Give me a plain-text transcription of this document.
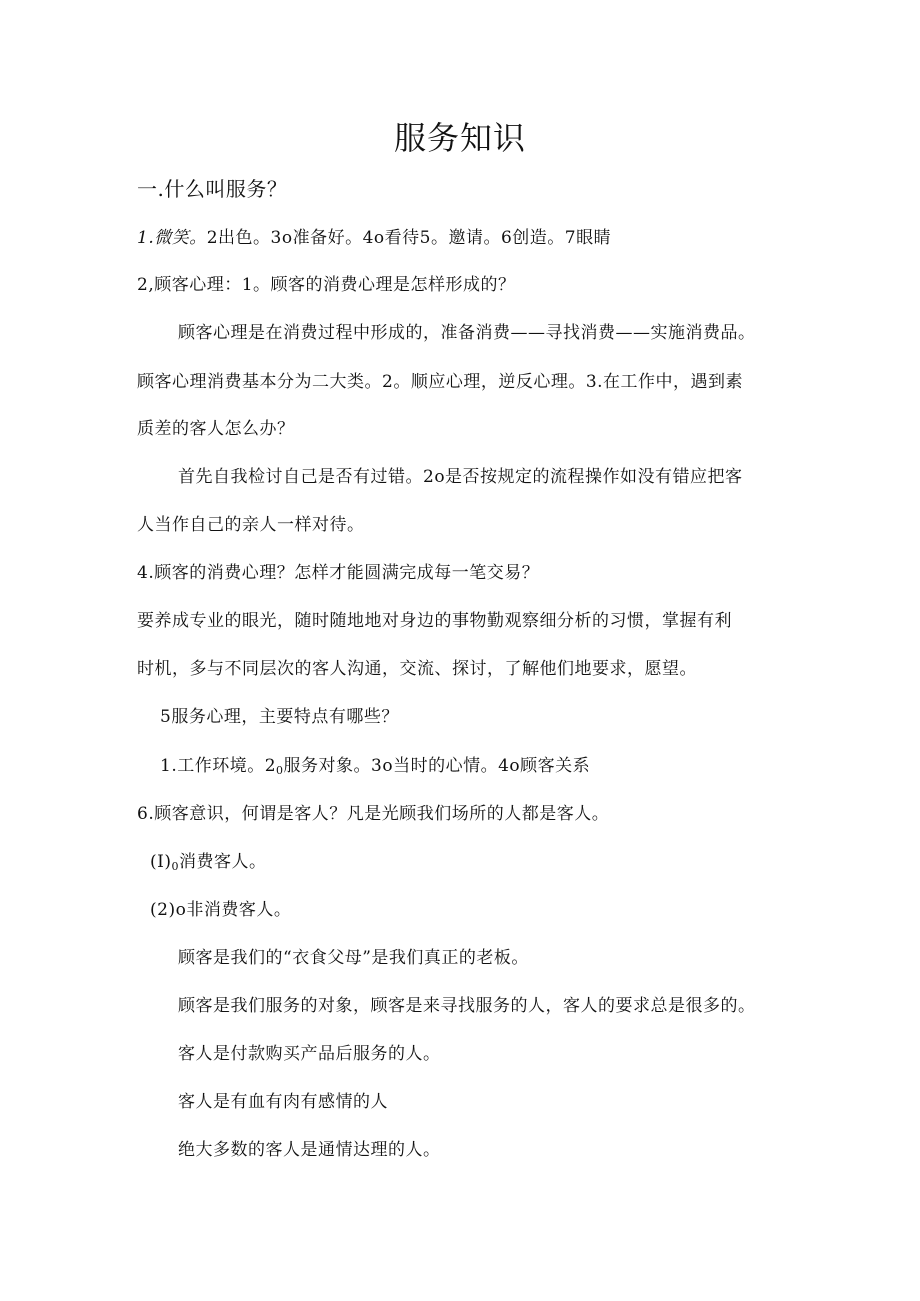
服务知识
一.什么叫服务？
1.微笑。2出色。3o准备好。4o看待5。邀请。6创造。7眼睛
2,顾客心理：1。顾客的消费心理是怎样形成的？
顾客心理是在消费过程中形成的，准备消费——寻找消费——实施消费品。
顾客心理消费基本分为二大类。2。顺应心理，逆反心理。3.在工作中，遇到素
质差的客人怎么办？
首先自我检讨自己是否有过错。2o是否按规定的流程操作如没有错应把客
人当作自己的亲人一样对待。
4.顾客的消费心理？怎样才能圆满完成每一笔交易？
要养成专业的眼光，随时随地地对身边的事物勤观察细分析的习惯，掌握有利
时机，多与不同层次的客人沟通，交流、探讨，了解他们地要求，愿望。
5服务心理，主要特点有哪些？
1.工作环境。$2_0$服务对象。3o当时的心情。4o顾客关系
6.顾客意识，何谓是客人？凡是光顾我们场所的人都是客人。
$(I)_0$消费客人。
(2)o非消费客人。
顾客是我们的“衣食父母”是我们真正的老板。
顾客是我们服务的对象，顾客是来寻找服务的人，客人的要求总是很多的。
客人是付款购买产品后服务的人。
客人是有血有肉有感情的人
绝大多数的客人是通情达理的人。
